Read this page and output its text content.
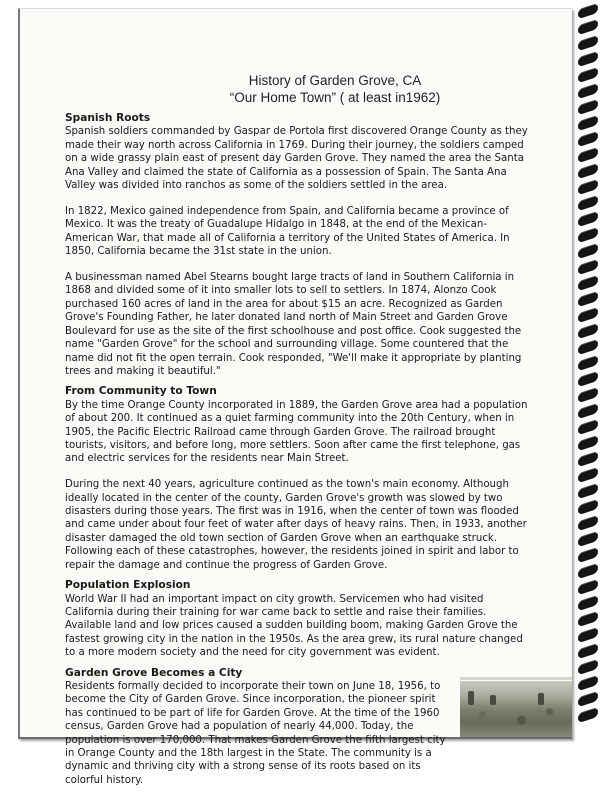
History of Garden Grove, CA
“Our Home Town” ( at least in1962)
Spanish Roots

Spanish soldiers commanded by Gaspar de Portola first discovered Orange County as they made their way north across California in 1769. During their journey, the soldiers camped on a wide grassy plain east of present day Garden Grove. They named the area the Santa Ana Valley and claimed the state of California as a possession of Spain. The Santa Ana Valley was divided into ranchos as some of the soldiers settled in the area.

In 1822, Mexico gained independence from Spain, and California became a province of Mexico. It was the treaty of Guadalupe Hidalgo in 1848, at the end of the Mexican-American War, that made all of California a territory of the United States of America. In 1850, California became the 31st state in the union.

A businessman named Abel Stearns bought large tracts of land in Southern California in 1868 and divided some of it into smaller lots to sell to settlers. In 1874, Alonzo Cook purchased 160 acres of land in the area for about $15 an acre. Recognized as Garden Grove's Founding Father, he later donated land north of Main Street and Garden Grove Boulevard for use as the site of the first schoolhouse and post office. Cook suggested the name "Garden Grove" for the school and surrounding village. Some countered that the name did not fit the open terrain. Cook responded, "We'll make it appropriate by planting trees and making it beautiful."

From Community to Town

By the time Orange County incorporated in 1889, the Garden Grove area had a population of about 200. It continued as a quiet farming community into the 20th Century, when in 1905, the Pacific Electric Railroad came through Garden Grove. The railroad brought tourists, visitors, and before long, more settlers. Soon after came the first telephone, gas and electric services for the residents near Main Street.

During the next 40 years, agriculture continued as the town's main economy. Although ideally located in the center of the county, Garden Grove's growth was slowed by two disasters during those years. The first was in 1916, when the center of town was flooded and came under about four feet of water after days of heavy rains. Then, in 1933, another disaster damaged the old town section of Garden Grove when an earthquake struck. Following each of these catastrophes, however, the residents joined in spirit and labor to repair the damage and continue the progress of Garden Grove.

Population Explosion

World War II had an important impact on city growth. Servicemen who had visited California during their training for war came back to settle and raise their families. Available land and low prices caused a sudden building boom, making Garden Grove the fastest growing city in the nation in the 1950s. As the area grew, its rural nature changed to a more modern society and the need for city government was evident.

Garden Grove Becomes a City

Residents formally decided to incorporate their town on June 18, 1956, to become the City of Garden Grove. Since incorporation, the pioneer spirit has continued to be part of life for Garden Grove. At the time of the 1960 census, Garden Grove had a population of nearly 44,000. Today, the population is over 170,000. That makes Garden Grove the fifth largest city in Orange County and the 18th largest in the State. The community is a dynamic and thriving city with a strong sense of its roots based on its colorful history.
